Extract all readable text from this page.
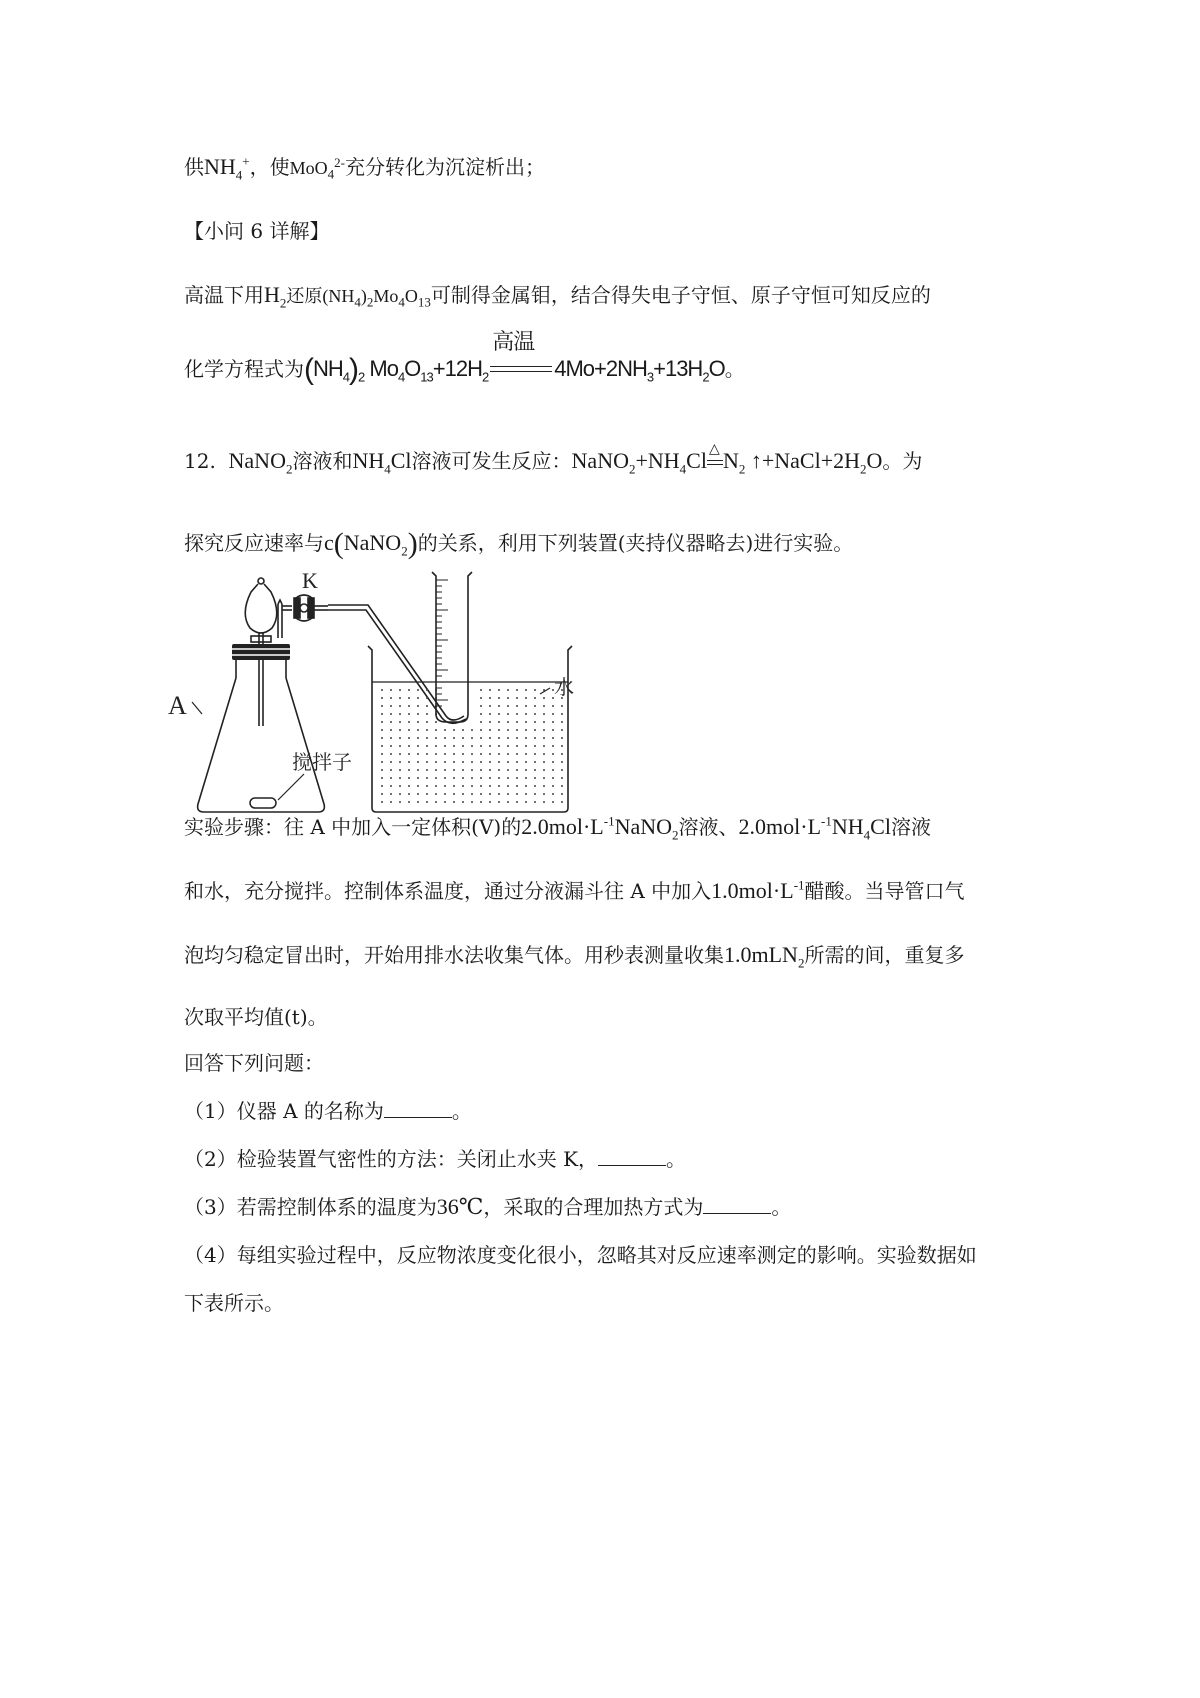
供$NH_4^+$，使MoO$_4^{2-}$充分转化为沉淀析出；
【小问 6 详解】
高温下用$H_2$还原$(NH_4)_2Mo_4O_{13}$可制得金属钼，结合得失电子守恒、原子守恒可知反应的
化学方程式为$(NH_4)_2$ $Mo_4O_{13}+12H_2$
高温
$4Mo+2NH_3+13H_2O$。
12. NaNO$_2$溶液和$NH_4Cl$溶液可发生反应：$NaNO_2+NH_4Cl$ △ $N_2$ $↑+NaCl+2H_2O$。为
探究反应速率与c(NaNO$_2$)的关系，利用下列装置(夹持仪器略去)进行实验。
K
A
搅拌子
水
实验步骤：往 A 中加入一定体积(V)的$2.0mol\cdot L^{-1}NaNO_2$溶液、$2.0mol\cdot L^{-1}NH_4Cl$溶液
和水，充分搅拌。控制体系温度，通过分液漏斗往 A 中加入$1.0mol\cdot L^{-1}$醋酸。当导管口气
泡均匀稳定冒出时，开始用排水法收集气体。用秒表测量收集1.0mLN$_2$所需的间，重复多
次取平均值(t)。
回答下列问题：
（1）仪器 A 的名称为	。
（2）检验装置气密性的方法：关闭止水夹 K，	。
（3）若需控制体系的温度为36℃，采取的合理加热方式为	。
（4）每组实验过程中，反应物浓度变化很小，忽略其对反应速率测定的影响。实验数据如
下表所示。
